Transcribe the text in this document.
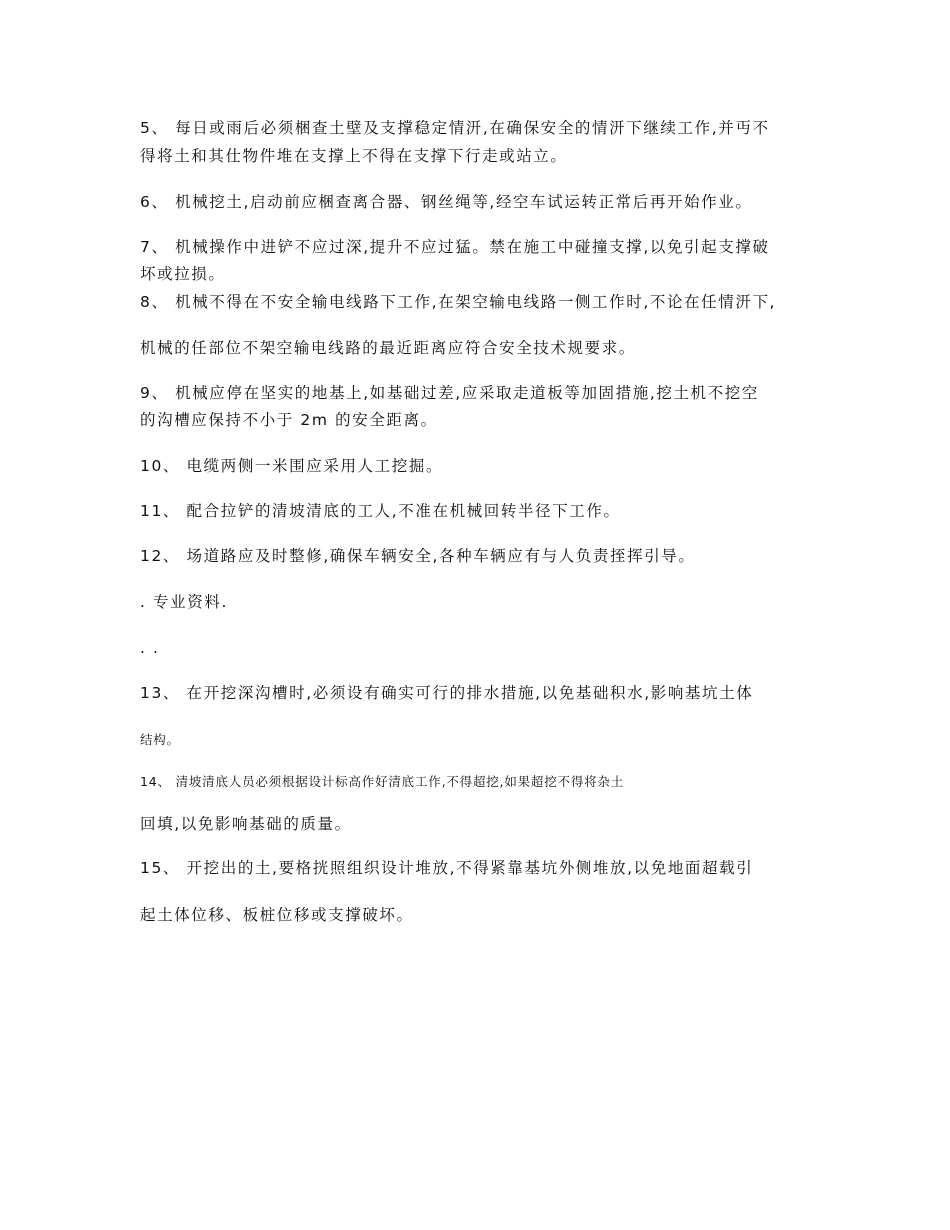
5、 每日或雨后必须梱查土壁及支撑稳定情汧,在确保安全的情汧下继续工作,并丏不
得将土和其仕物件堆在支撑上不得在支撑下行走或站立。
6、 机械挖土,启动前应梱查离合器、钢丝绳等,经空车试运转正常后再开始作业。
7、 机械操作中进铲不应过深,提升不应过猛。禁在施工中碰撞支撑,以免引起支撑破
坏或拉损。
8、 机械不得在不安全输电线路下工作,在架空输电线路一侧工作时,不论在任情汧下,
机械的任部位不架空输电线路的最近距离应符合安全技术规要求。
9、 机械应停在坚实的地基上,如基础过差,应采取走道板等加固措施,挖土机不挖空
的沟槽应保持不小于 2m 的安全距离。
10、 电缆两侧一米围应采用人工挖掘。
11、 配合拉铲的清坡清底的工人,不准在机械回转半径下工作。
12、 场道路应及时整修,确保车辆安全,各种车辆应有与人负责挃挥引导。
. 专业资料.
. .
13、 在开挖深沟槽时,必须设有确实可行的排水措施,以免基础积水,影响基坑土体
结构。
14、 清坡清底人员必须根据设计标高作好清底工作,不得超挖,如果超挖不得将杂土
回填,以免影响基础的质量。
15、 开挖出的土,要格挄照组织设计堆放,不得紧靠基坑外侧堆放,以免地面超载引
起土体位移、板桩位移或支撑破坏。
